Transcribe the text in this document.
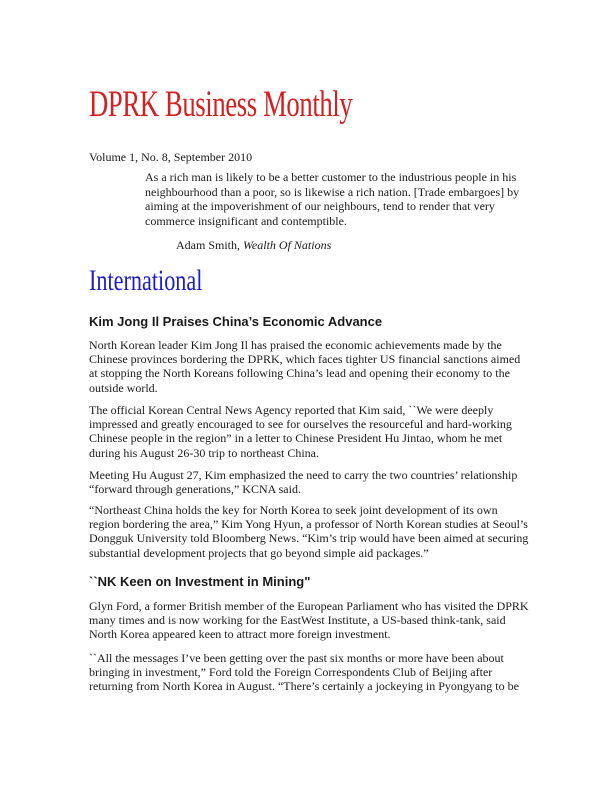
DPRK Business Monthly
Volume 1, No. 8, September 2010
As a rich man is likely to be a better customer to the industrious people in his neighbourhood than a poor, so is likewise a rich nation. [Trade embargoes] by aiming at the impoverishment of our neighbours, tend to render that very commerce insignificant and contemptible.
Adam Smith, Wealth Of Nations
International
Kim Jong Il Praises China’s Economic Advance
North Korean leader Kim Jong Il has praised the economic achievements made by the Chinese provinces bordering the DPRK, which faces tighter US financial sanctions aimed at stopping the North Koreans following China’s lead and opening their economy to the outside world.
The official Korean Central News Agency reported that Kim said, ``We were deeply impressed and greatly encouraged to see for ourselves the resourceful and hard-working Chinese people in the region” in a letter to Chinese President Hu Jintao, whom he met during his August 26-30 trip to northeast China.
Meeting Hu August 27, Kim emphasized the need to carry the two countries’ relationship “forward through generations,” KCNA said.
“Northeast China holds the key for North Korea to seek joint development of its own region bordering the area,” Kim Yong Hyun, a professor of North Korean studies at Seoul’s Dongguk University told Bloomberg News. “Kim’s trip would have been aimed at securing substantial development projects that go beyond simple aid packages.”
``NK Keen on Investment in Mining"
Glyn Ford, a former British member of the European Parliament who has visited the DPRK many times and is now working for the EastWest Institute, a US-based think-tank, said North Korea appeared keen to attract more foreign investment.
``All the messages I’ve been getting over the past six months or more have been about bringing in investment,” Ford told the Foreign Correspondents Club of Beijing after returning from North Korea in August. “There’s certainly a jockeying in Pyongyang to be
